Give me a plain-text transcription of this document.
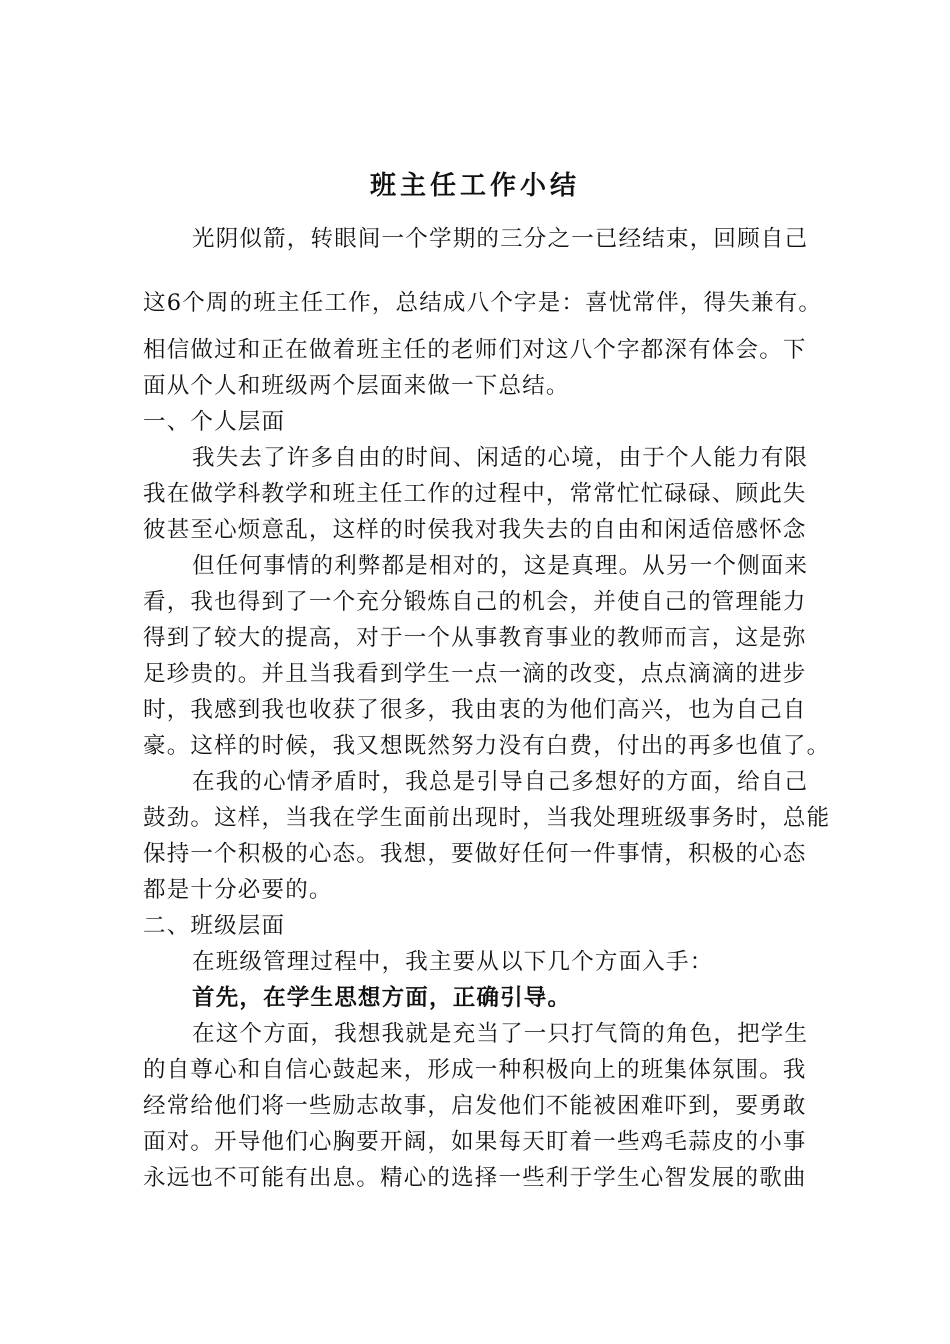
班主任工作小结
光阴似箭，转眼间一个学期的三分之一已经结束，回顾自己
这6个周的班主任工作，总结成八个字是：喜忧常伴，得失兼有。
相信做过和正在做着班主任的老师们对这八个字都深有体会。下
面从个人和班级两个层面来做一下总结。
一、个人层面
我失去了许多自由的时间、闲适的心境，由于个人能力有限
我在做学科教学和班主任工作的过程中，常常忙忙碌碌、顾此失
彼甚至心烦意乱，这样的时侯我对我失去的自由和闲适倍感怀念
但任何事情的利弊都是相对的，这是真理。从另一个侧面来
看，我也得到了一个充分锻炼自己的机会，并使自己的管理能力
得到了较大的提高，对于一个从事教育事业的教师而言，这是弥
足珍贵的。并且当我看到学生一点一滴的改变，点点滴滴的进步
时，我感到我也收获了很多，我由衷的为他们高兴，也为自己自
豪。这样的时候，我又想既然努力没有白费，付出的再多也值了。
在我的心情矛盾时，我总是引导自己多想好的方面，给自己
鼓劲。这样，当我在学生面前出现时，当我处理班级事务时，总能
保持一个积极的心态。我想，要做好任何一件事情，积极的心态
都是十分必要的。
二、班级层面
在班级管理过程中，我主要从以下几个方面入手：
首先，在学生思想方面，正确引导。
在这个方面，我想我就是充当了一只打气筒的角色，把学生
的自尊心和自信心鼓起来，形成一种积极向上的班集体氛围。我
经常给他们将一些励志故事，启发他们不能被困难吓到，要勇敢
面对。开导他们心胸要开阔，如果每天盯着一些鸡毛蒜皮的小事
永远也不可能有出息。精心的选择一些利于学生心智发展的歌曲
